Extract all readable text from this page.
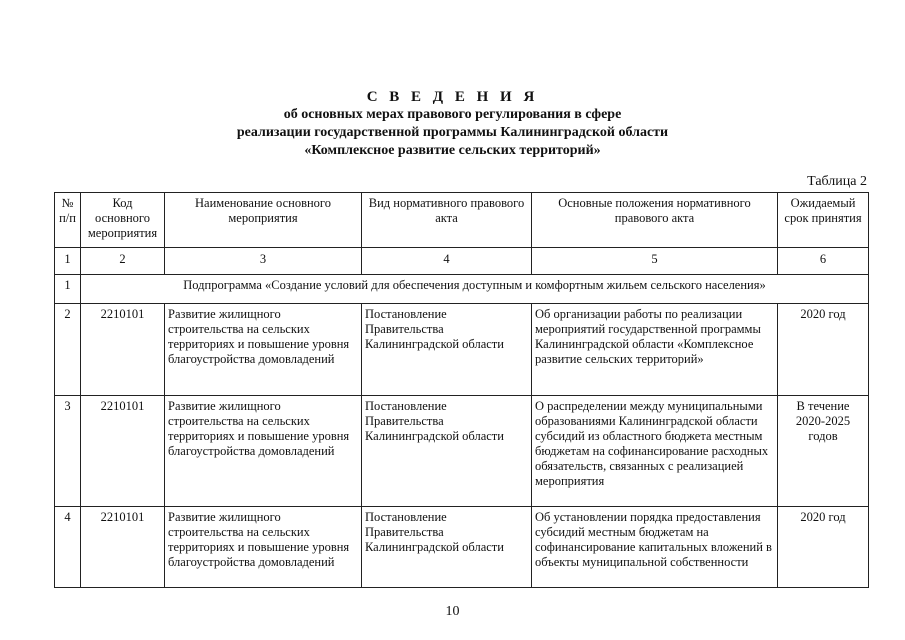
С В Е Д Е Н И Я
об основных мерах правового регулирования в сфере
реализации государственной программы Калининградской области
«Комплексное развитие сельских территорий»
Таблица 2
№ п/п	Код основного мероприятия	Наименование основного мероприятия	Вид нормативного правового акта	Основные положения нормативного правового акта	Ожидаемый срок принятия
1	2	3	4	5	6
1	Подпрограмма «Создание условий для обеспечения доступным и комфортным жильем сельского населения»				
2	2210101	Развитие жилищного строительства на сельских территориях и повышение уровня благоустройства домовладений	Постановление Правительства Калининградской области	Об организации работы по реализации мероприятий государственной программы Калининградской области «Комплексное развитие сельских территорий»	2020 год
3	2210101	Развитие жилищного строительства на сельских территориях и повышение уровня благоустройства домовладений	Постановление Правительства Калининградской области	О распределении между муниципальными образованиями Калининградской области субсидий из областного бюджета местным бюджетам на софинансирование расходных обязательств, связанных с реализацией мероприятия	В течение 2020-2025 годов
4	2210101	Развитие жилищного строительства на сельских территориях и повышение уровня благоустройства домовладений	Постановление Правительства Калининградской области	Об установлении порядка предоставления субсидий местным бюджетам на софинансирование капитальных вложений в объекты муниципальной собственности	2020 год
10
